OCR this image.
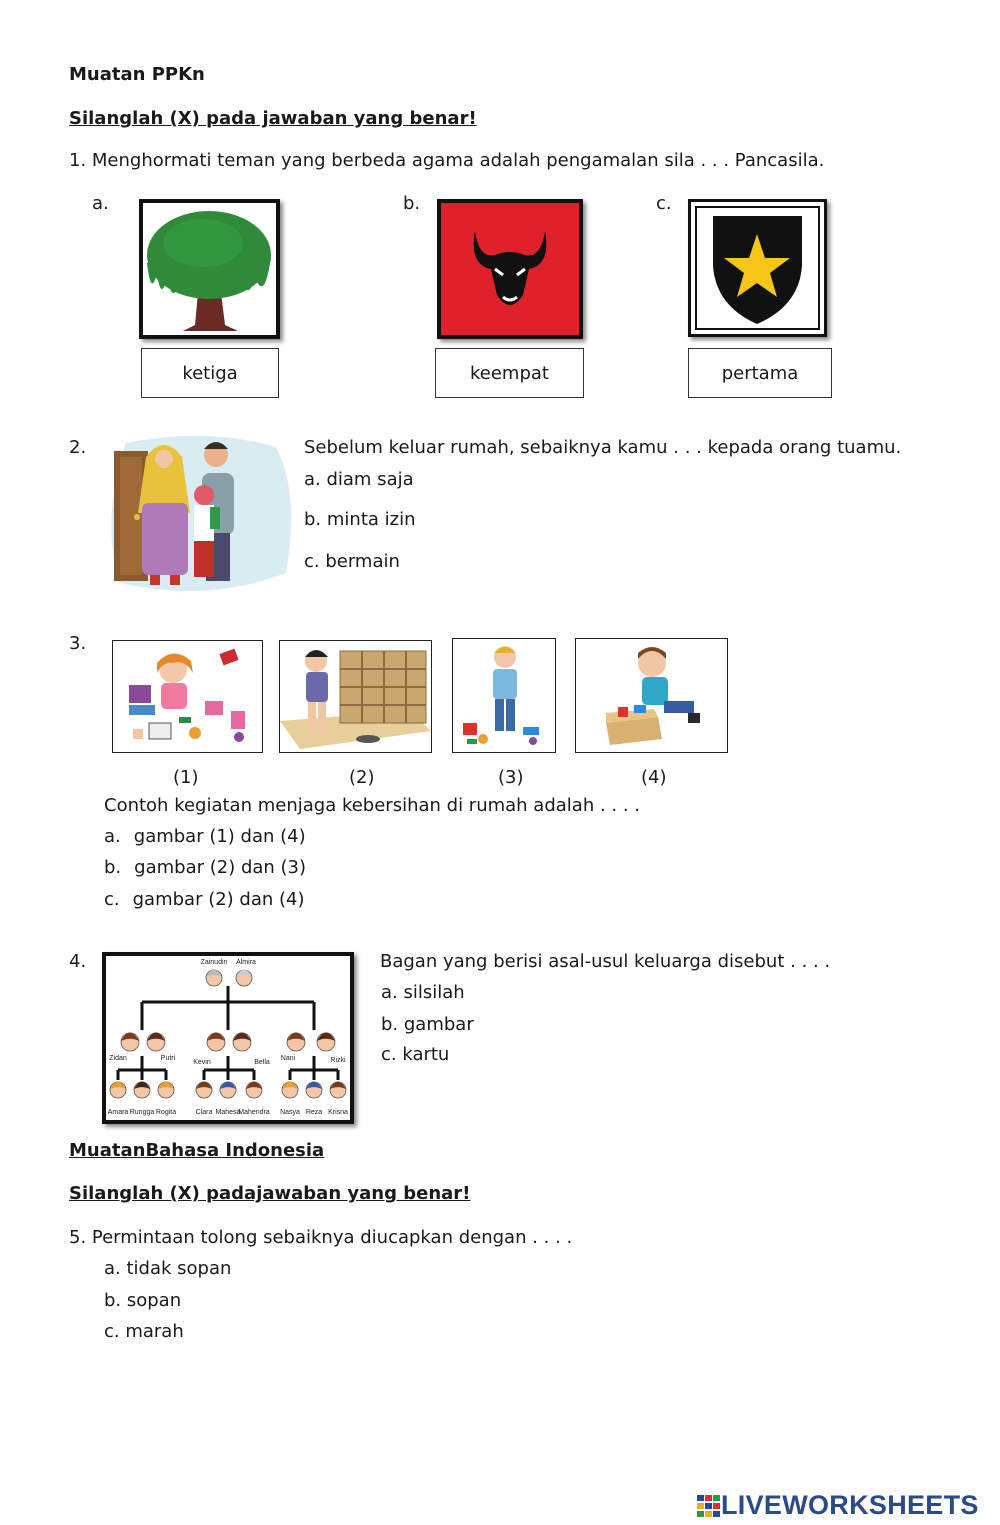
Muatan PPKn
Silanglah (X) pada jawaban yang benar!
1. Menghormati teman yang berbeda agama adalah pengamalan sila . . . Pancasila.
a.	b.	c.
ketiga	keempat	pertama
2.	Sebelum keluar rumah, sebaiknya kamu . . . kepada orang tuamu.
a. diam saja
b. minta izin
c. bermain
3.
(1)	(2)	(3)	(4)
Contoh kegiatan menjaga kebersihan di rumah adalah . . . .
a. gambar (1) dan (4)
b. gambar (2) dan (3)
c. gambar (2) dan (4)
4.	Zainudin Almira
Zidan	Putri
Kevin	Bella
Nani	Rizki
Amara Rungga Rogita	Clara Mahesa
Mahendra Nasya Reza Krisna
Bagan yang berisi asal-usul keluarga disebut . . . .
a. silsilah
b. gambar
c. kartu
MuatanBahasa Indonesia
Silanglah (X) padajawaban yang benar!
5. Permintaan tolong sebaiknya diucapkan dengan . . . .
a. tidak sopan
b. sopan
c. marah
LIVEWORKSHEETS
